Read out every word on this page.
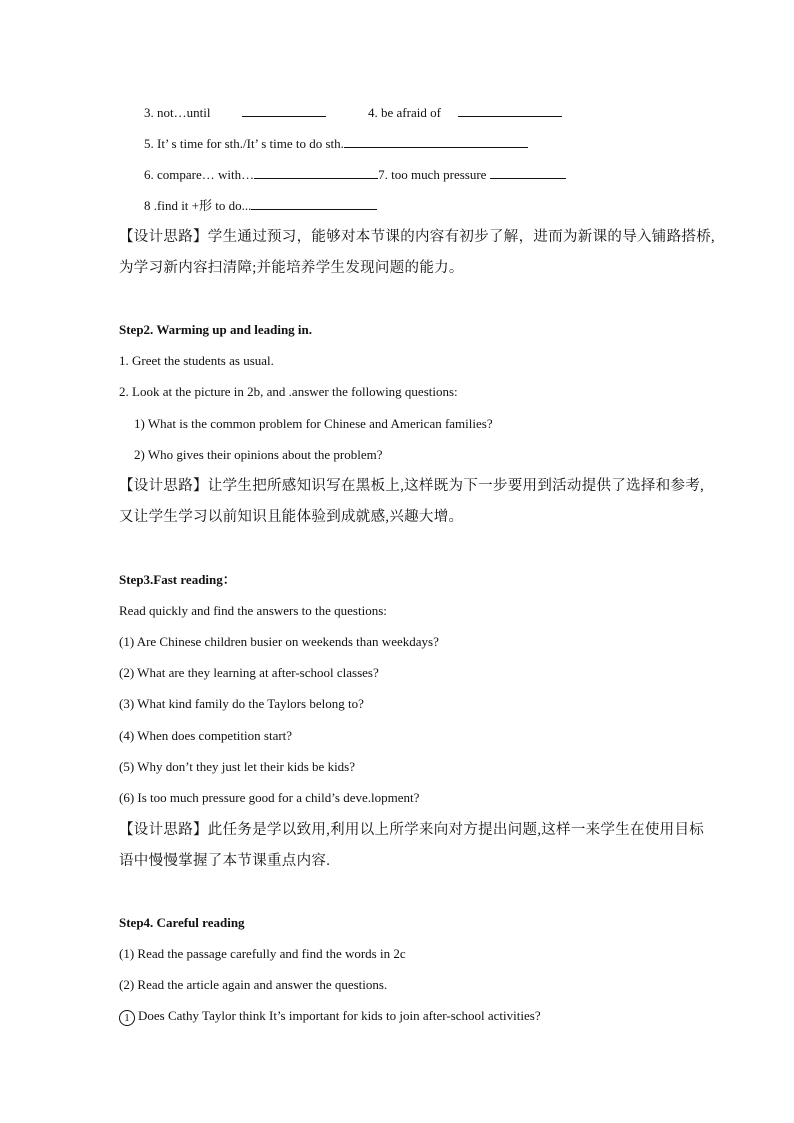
3. not…until	4. be afraid of
5. It’ s time for sth./It’ s time to do sth.
6. compare… with…	7. too much pressure
8 .find it +形 to do...
【设计思路】学生通过预习，能够对本节课的内容有初步了解，进而为新课的导入铺路搭桥,
为学习新内容扫清障;并能培养学生发现问题的能力。
Step2. Warming up and leading in.
1. Greet the students as usual.
2. Look at the picture in 2b, and .answer the following questions:
1) What is the common problem for Chinese and American families?
2) Who gives their opinions about the problem?
【设计思路】让学生把所感知识写在黑板上,这样既为下一步要用到活动提供了选择和参考,
又让学生学习以前知识且能体验到成就感,兴趣大增。
Step3.Fast reading：
Read quickly and find the answers to the questions:
(1) Are Chinese children busier on weekends than weekdays?
(2) What are they learning at after-school classes?
(3) What kind family do the Taylors belong to?
(4) When does competition start?
(5) Why don’t they just let their kids be kids?
(6) Is too much pressure good for a child’s deve.lopment?
【设计思路】此任务是学以致用,利用以上所学来向对方提出问题,这样一来学生在使用目标
语中慢慢掌握了本节课重点内容.
Step4. Careful reading
(1) Read the passage carefully and find the words in 2c
(2) Read the article again and answer the questions.
1 Does Cathy Taylor think It’s important for kids to join after-school activities?
